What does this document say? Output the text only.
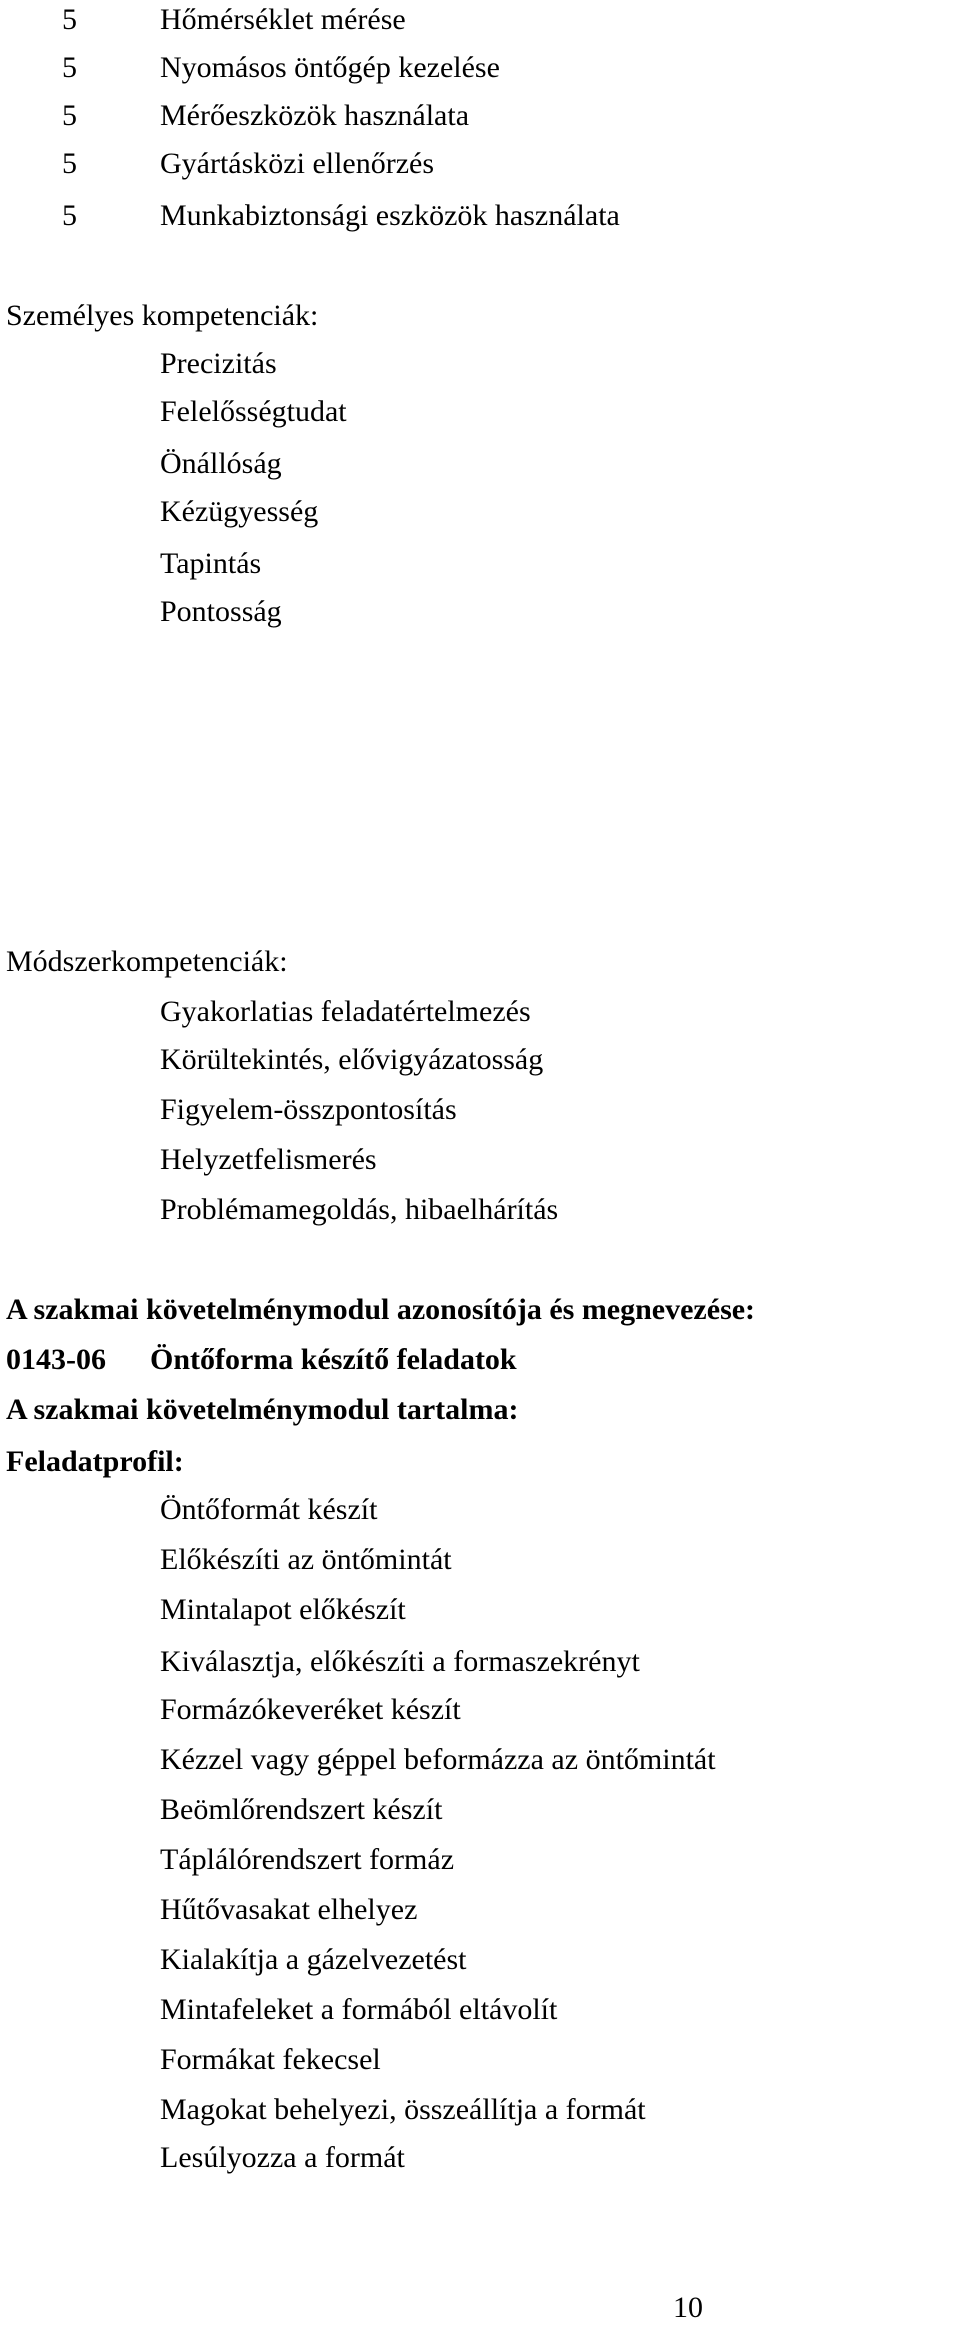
5	Hőmérséklet mérése
5	Nyomásos öntőgép kezelése
5	Mérőeszközök használata
5	Gyártásközi ellenőrzés
5	Munkabiztonsági eszközök használata
Személyes kompetenciák:
Precizitás
Felelősségtudat
Önállóság
Kézügyesség
Tapintás
Pontosság
Módszerkompetenciák:
Gyakorlatias feladatértelmezés
Körültekintés, elővigyázatosság
Figyelem-összpontosítás
Helyzetfelismerés
Problémamegoldás, hibaelhárítás
A szakmai követelménymodul azonosítója és megnevezése:
0143-06 Öntőforma készítő feladatok
A szakmai követelménymodul tartalma:
Feladatprofil:
Öntőformát készít
Előkészíti az öntőmintát
Mintalapot előkészít
Kiválasztja, előkészíti a formaszekrényt
Formázókeveréket készít
Kézzel vagy géppel beformázza az öntőmintát
Beömlőrendszert készít
Táplálórendszert formáz
Hűtővasakat elhelyez
Kialakítja a gázelvezetést
Mintafeleket a formából eltávolít
Formákat fekecsel
Magokat behelyezi, összeállítja a formát
Lesúlyozza a formát
10
